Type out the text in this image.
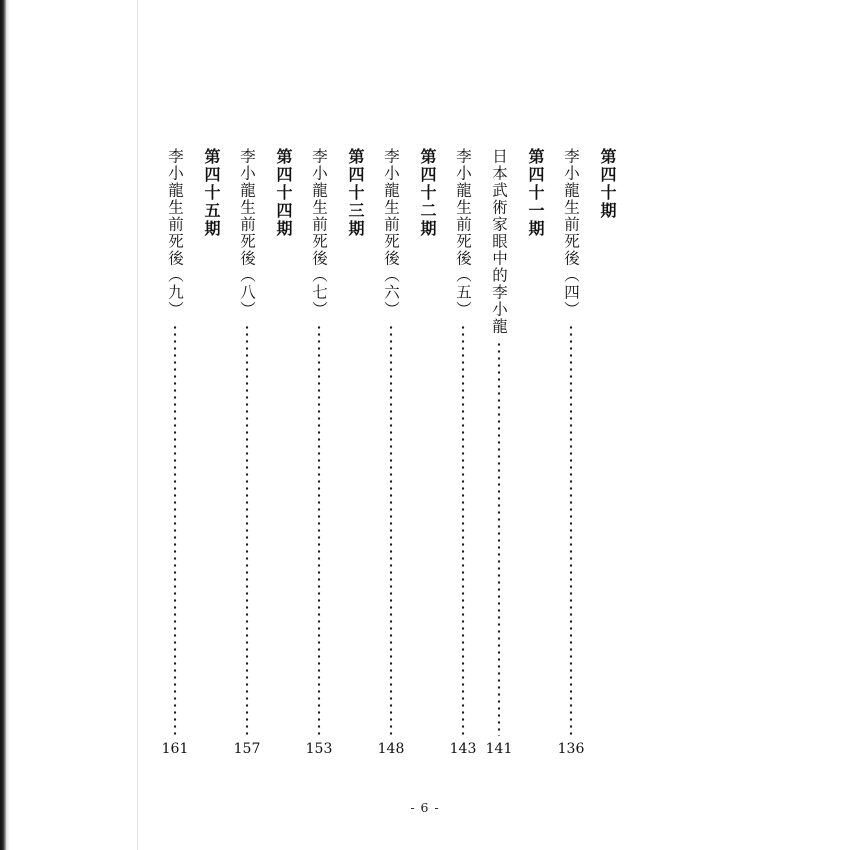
第四十期
李小龍生前死後（四）
136
第四十一期
日本武術家眼中的李小龍
141
李小龍生前死後（五）
143
第四十二期
李小龍生前死後（六）
148
第四十三期
李小龍生前死後（七）
153
第四十四期
李小龍生前死後（八）
157
第四十五期
李小龍生前死後（九）
161
- 6 -
